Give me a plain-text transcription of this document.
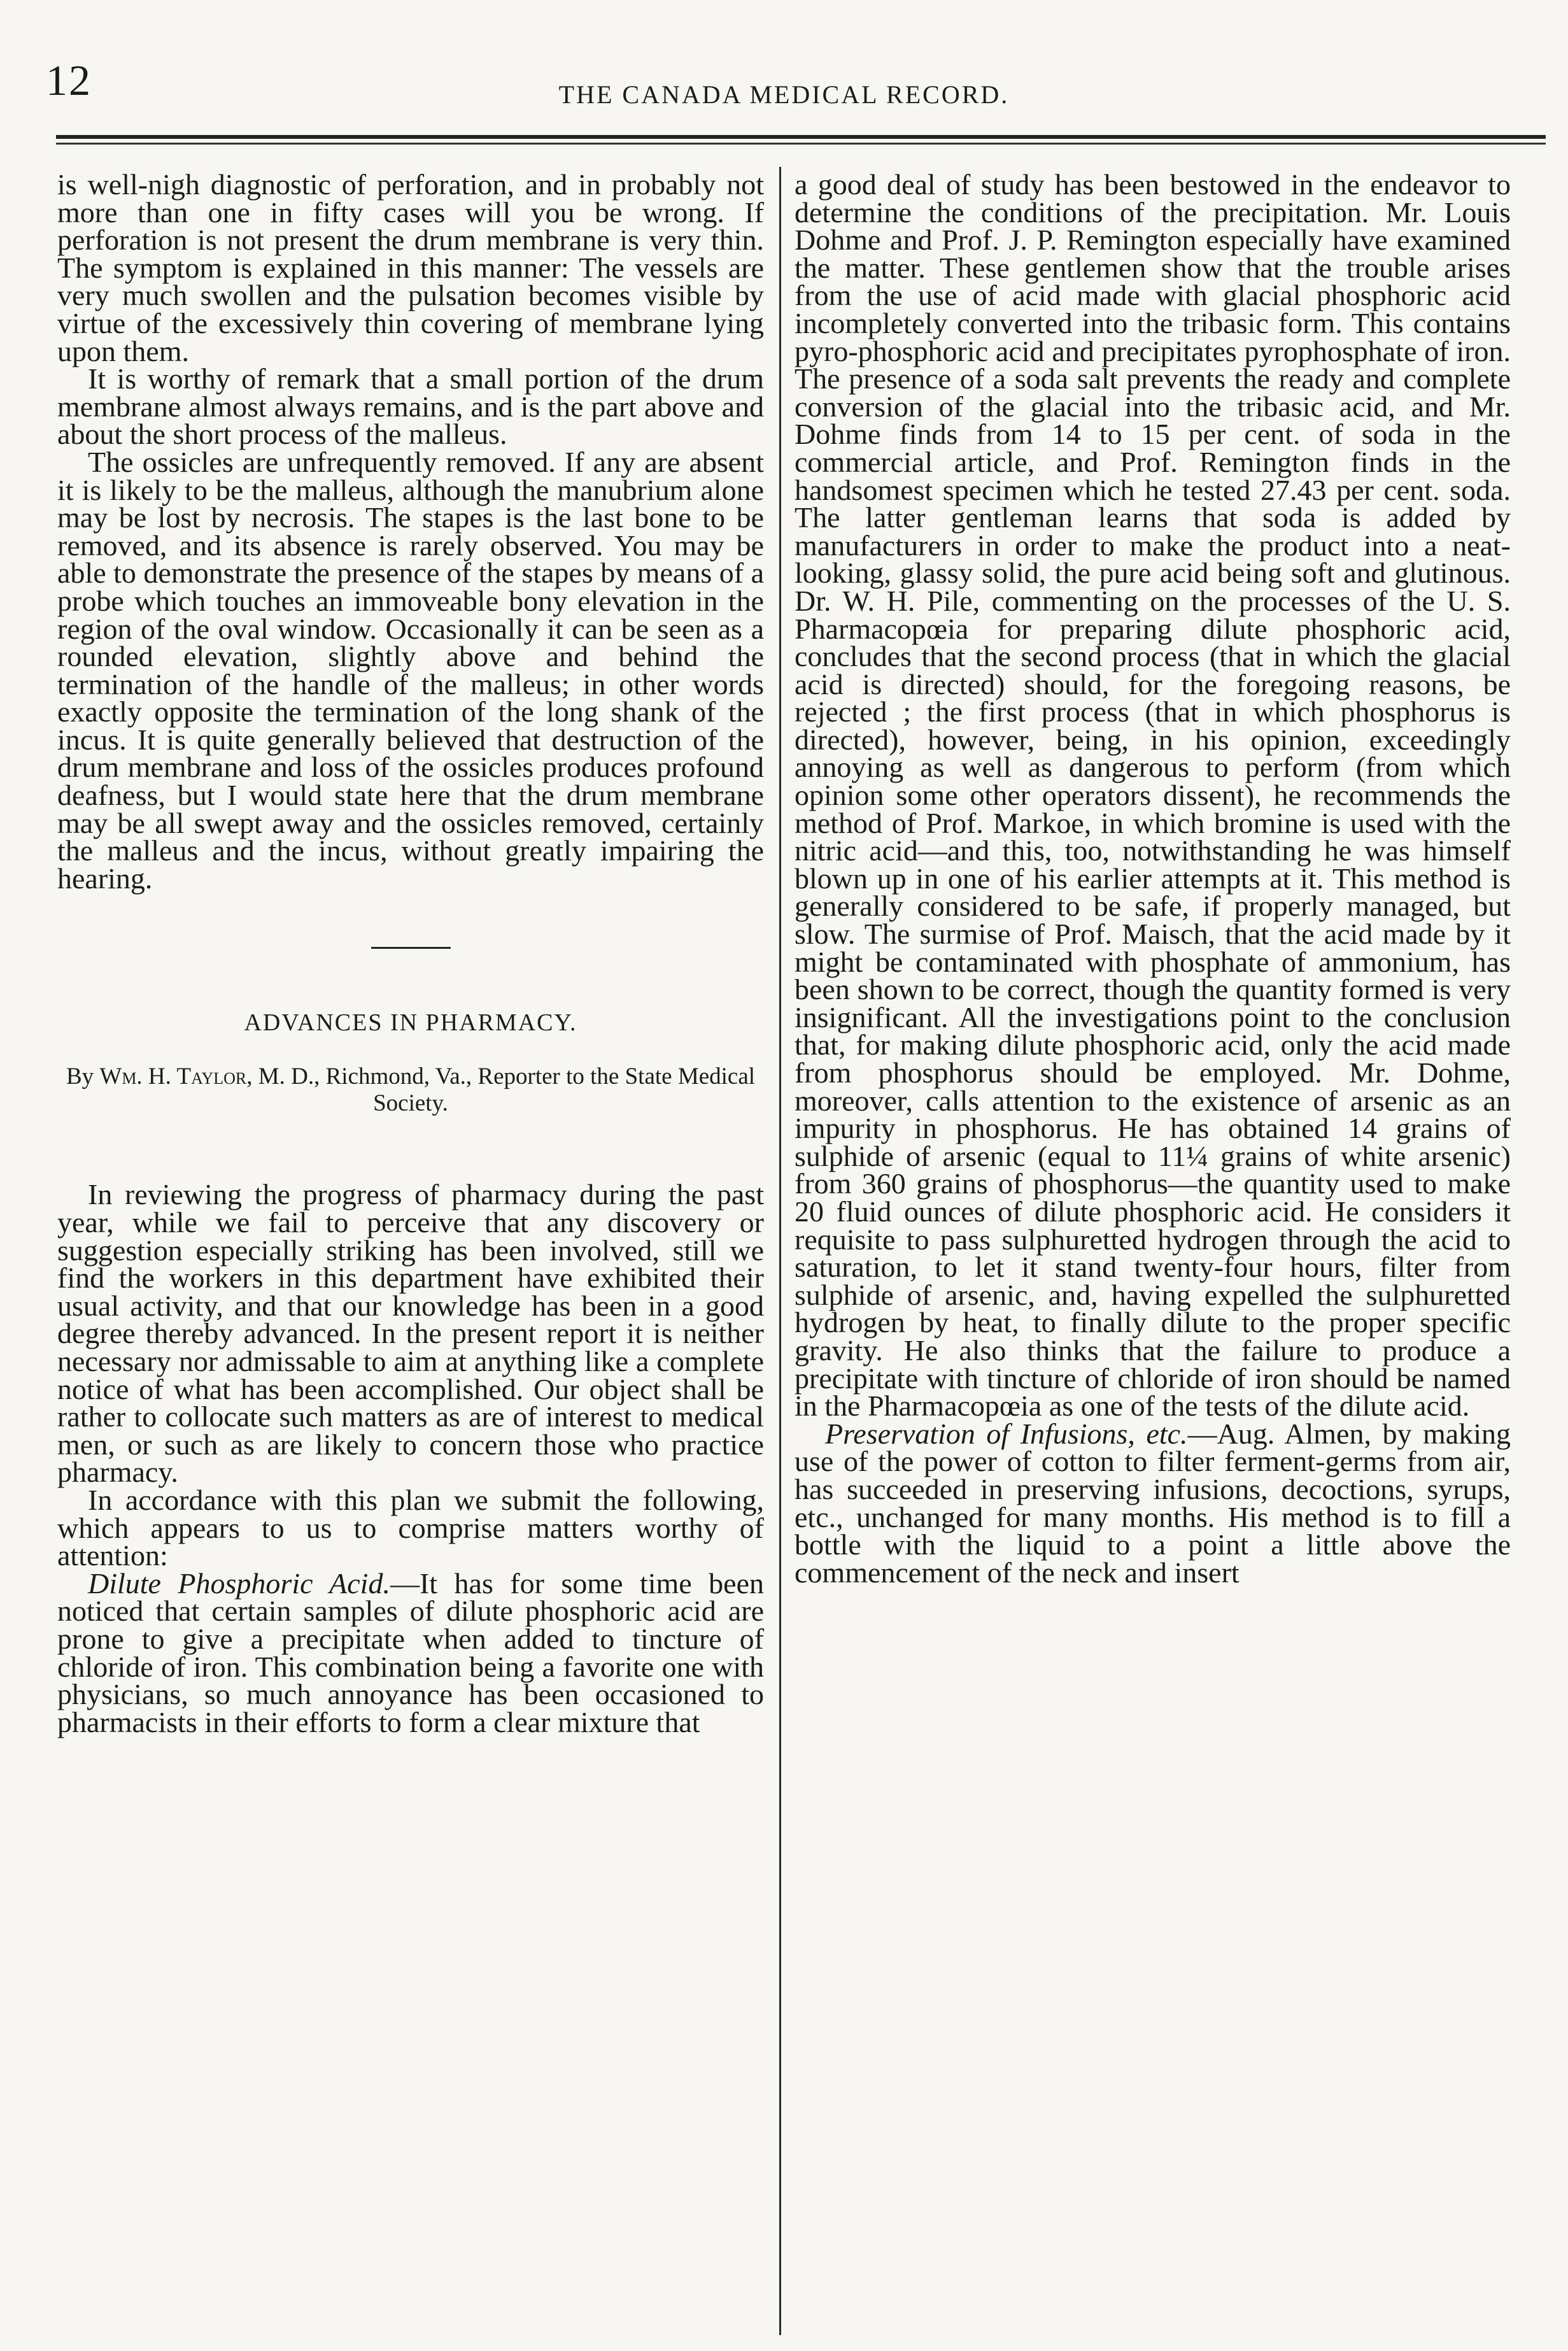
12	THE CANADA MEDICAL RECORD.

is well-nigh diagnostic of perforation, and in probably not more than one in fifty cases will you be wrong. If perforation is not present the drum membrane is very thin. The symptom is explained in this manner: The vessels are very much swollen and the pulsation becomes visible by virtue of the excessively thin covering of membrane lying upon them.

It is worthy of remark that a small portion of the drum membrane almost always remains, and is the part above and about the short process of the malleus.

The ossicles are unfrequently removed. If any are absent it is likely to be the malleus, although the manubrium alone may be lost by necrosis. The stapes is the last bone to be removed, and its absence is rarely observed. You may be able to demonstrate the presence of the stapes by means of a probe which touches an immoveable bony elevation in the region of the oval window. Occasionally it can be seen as a rounded elevation, slightly above and behind the termination of the handle of the malleus; in other words exactly opposite the termination of the long shank of the incus. It is quite generally believed that destruction of the drum membrane and loss of the ossicles produces profound deafness, but I would state here that the drum membrane may be all swept away and the ossicles removed, certainly the malleus and the incus, without greatly impairing the hearing.

ADVANCES IN PHARMACY.
By Wm. H. Taylor, M. D., Richmond, Va., Reporter to the State Medical Society.

In reviewing the progress of pharmacy during the past year, while we fail to perceive that any discovery or suggestion especially striking has been involved, still we find the workers in this department have exhibited their usual activity, and that our knowledge has been in a good degree thereby advanced. In the present report it is neither necessary nor admissable to aim at anything like a complete notice of what has been accomplished. Our object shall be rather to collocate such matters as are of interest to medical men, or such as are likely to concern those who practice pharmacy.

In accordance with this plan we submit the following, which appears to us to comprise matters worthy of attention:

Dilute Phosphoric Acid.—It has for some time been noticed that certain samples of dilute phosphoric acid are prone to give a precipitate when added to tincture of chloride of iron. This combination being a favorite one with physicians, so much annoyance has been occasioned to pharmacists in their efforts to form a clear mixture that

a good deal of study has been bestowed in the endeavor to determine the conditions of the precipitation. Mr. Louis Dohme and Prof. J. P. Remington especially have examined the matter. These gentlemen show that the trouble arises from the use of acid made with glacial phosphoric acid incompletely converted into the tribasic form. This contains pyro-phosphoric acid and precipitates pyrophosphate of iron. The presence of a soda salt prevents the ready and complete conversion of the glacial into the tribasic acid, and Mr. Dohme finds from 14 to 15 per cent. of soda in the commercial article, and Prof. Remington finds in the handsomest specimen which he tested 27.43 per cent. soda. The latter gentleman learns that soda is added by manufacturers in order to make the product into a neat-looking, glassy solid, the pure acid being soft and glutinous. Dr. W. H. Pile, commenting on the processes of the U. S. Pharmacopœia for preparing dilute phosphoric acid, concludes that the second process (that in which the glacial acid is directed) should, for the foregoing reasons, be rejected ; the first process (that in which phosphorus is directed), however, being, in his opinion, exceedingly annoying as well as dangerous to perform (from which opinion some other operators dissent), he recommends the method of Prof. Markoe, in which bromine is used with the nitric acid—and this, too, notwithstanding he was himself blown up in one of his earlier attempts at it. This method is generally considered to be safe, if properly managed, but slow. The surmise of Prof. Maisch, that the acid made by it might be contaminated with phosphate of ammonium, has been shown to be correct, though the quantity formed is very insignificant. All the investigations point to the conclusion that, for making dilute phosphoric acid, only the acid made from phosphorus should be employed. Mr. Dohme, moreover, calls attention to the existence of arsenic as an impurity in phosphorus. He has obtained 14 grains of sulphide of arsenic (equal to 11¼ grains of white arsenic) from 360 grains of phosphorus—the quantity used to make 20 fluid ounces of dilute phosphoric acid. He considers it requisite to pass sulphuretted hydrogen through the acid to saturation, to let it stand twenty-four hours, filter from sulphide of arsenic, and, having expelled the sulphuretted hydrogen by heat, to finally dilute to the proper specific gravity. He also thinks that the failure to produce a precipitate with tincture of chloride of iron should be named in the Pharmacopœia as one of the tests of the dilute acid.

Preservation of Infusions, etc.—Aug. Almen, by making use of the power of cotton to filter ferment-germs from air, has succeeded in preserving infusions, decoctions, syrups, etc., unchanged for many months. His method is to fill a bottle with the liquid to a point a little above the commencement of the neck and insert
